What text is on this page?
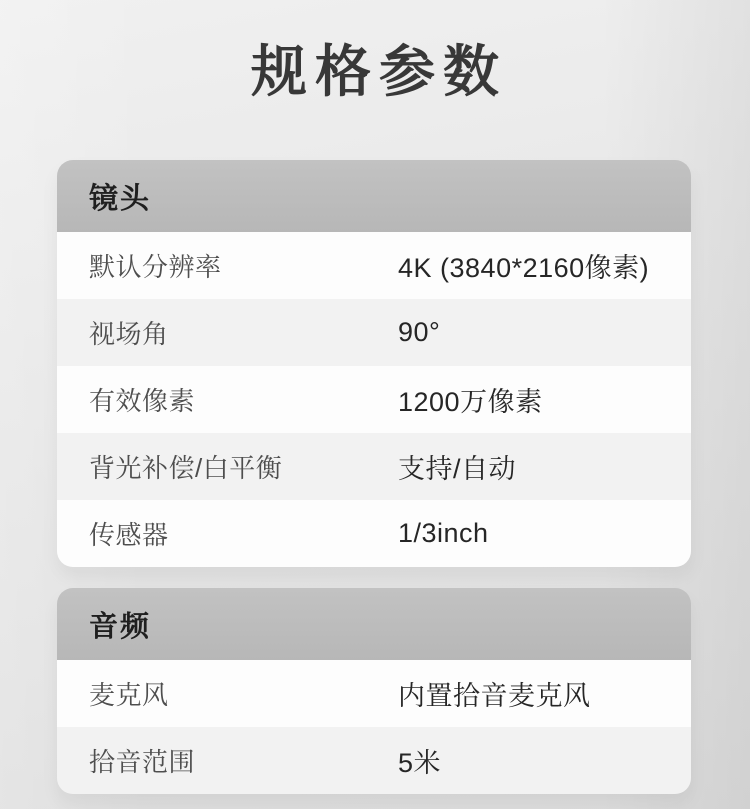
规格参数
镜头
默认分辨率	4K (3840*2160像素)
视场角	90°
有效像素	1200万像素
背光补偿/白平衡	支持/自动
传感器	1/3inch
音频
麦克风	内置拾音麦克风
拾音范围	5米
